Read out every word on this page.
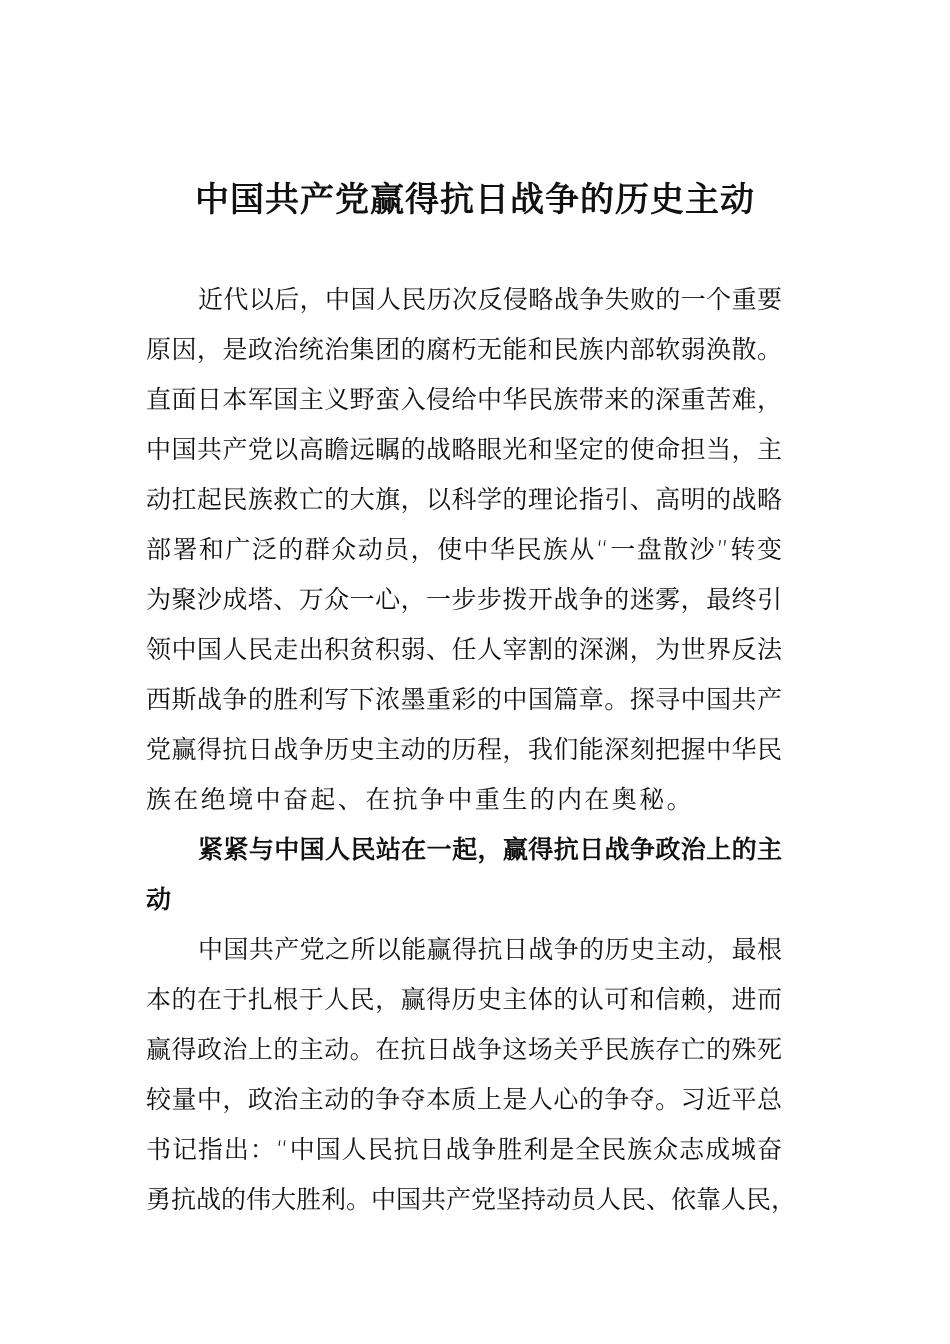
中国共产党赢得抗日战争的历史主动
近代以后，中国人民历次反侵略战争失败的一个重要
原因，是政治统治集团的腐朽无能和民族内部软弱涣散。
直面日本军国主义野蛮入侵给中华民族带来的深重苦难，
中国共产党以高瞻远瞩的战略眼光和坚定的使命担当，主
动扛起民族救亡的大旗，以科学的理论指引、高明的战略
部署和广泛的群众动员，使中华民族从“一盘散沙”转变
为聚沙成塔、万众一心，一步步拨开战争的迷雾，最终引
领中国人民走出积贫积弱、任人宰割的深渊，为世界反法
西斯战争的胜利写下浓墨重彩的中国篇章。探寻中国共产
党赢得抗日战争历史主动的历程，我们能深刻把握中华民
族在绝境中奋起、在抗争中重生的内在奥秘。
紧紧与中国人民站在一起，赢得抗日战争政治上的主
动
中国共产党之所以能赢得抗日战争的历史主动，最根
本的在于扎根于人民，赢得历史主体的认可和信赖，进而
赢得政治上的主动。在抗日战争这场关乎民族存亡的殊死
较量中，政治主动的争夺本质上是人心的争夺。习近平总
书记指出：“中国人民抗日战争胜利是全民族众志成城奋
勇抗战的伟大胜利。中国共产党坚持动员人民、依靠人民，
